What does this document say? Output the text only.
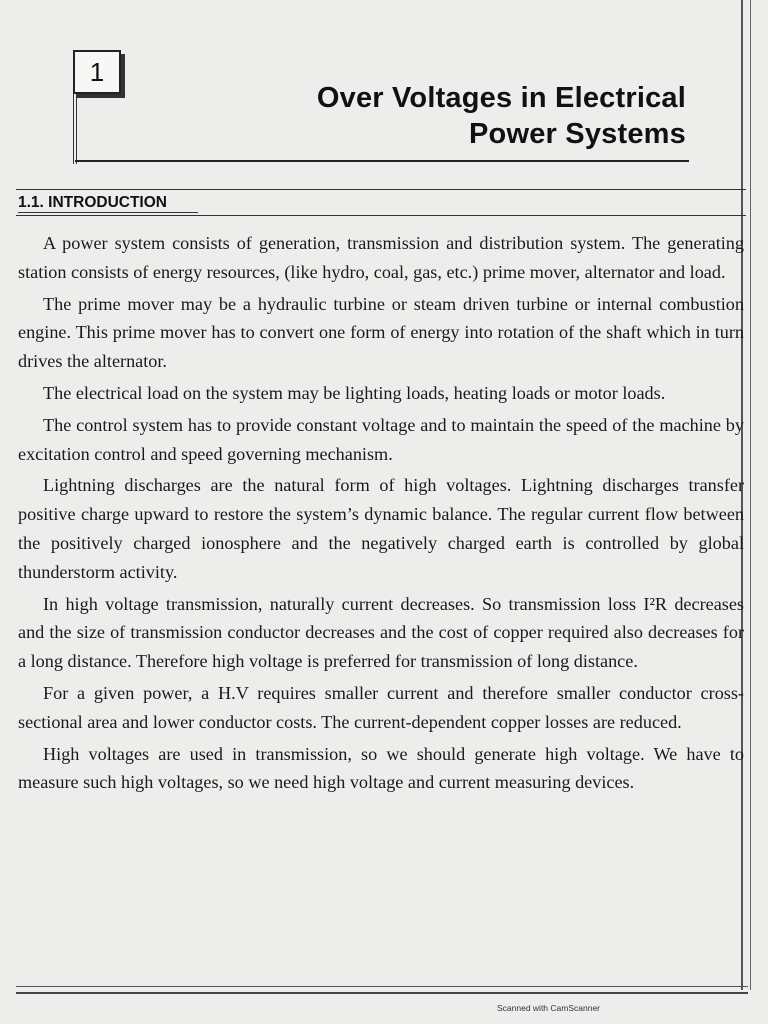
1
Over Voltages in Electrical
Power Systems
1.1. INTRODUCTION

A power system consists of generation, transmission and distribution system. The generating station consists of energy resources, (like hydro, coal, gas, etc.) prime mover, alternator and load.

The prime mover may be a hydraulic turbine or steam driven turbine or internal combustion engine. This prime mover has to convert one form of energy into rotation of the shaft which in turn drives the alternator.

The electrical load on the system may be lighting loads, heating loads or motor loads.

The control system has to provide constant voltage and to maintain the speed of the machine by excitation control and speed governing mechanism.

Lightning discharges are the natural form of high voltages. Lightning discharges transfer positive charge upward to restore the system’s dynamic balance. The regular current flow between the positively charged ionosphere and the negatively charged earth is controlled by global thunderstorm activity.

In high voltage transmission, naturally current decreases. So transmission loss I²R decreases and the size of transmission conductor decreases and the cost of copper required also decreases for a long distance. Therefore high voltage is preferred for transmission of long distance.

For a given power, a H.V requires smaller current and therefore smaller conductor cross-sectional area and lower conductor costs. The current-dependent copper losses are reduced.

High voltages are used in transmission, so we should generate high voltage. We have to measure such high voltages, so we need high voltage and current measuring devices.

Scanned with CamScanner
